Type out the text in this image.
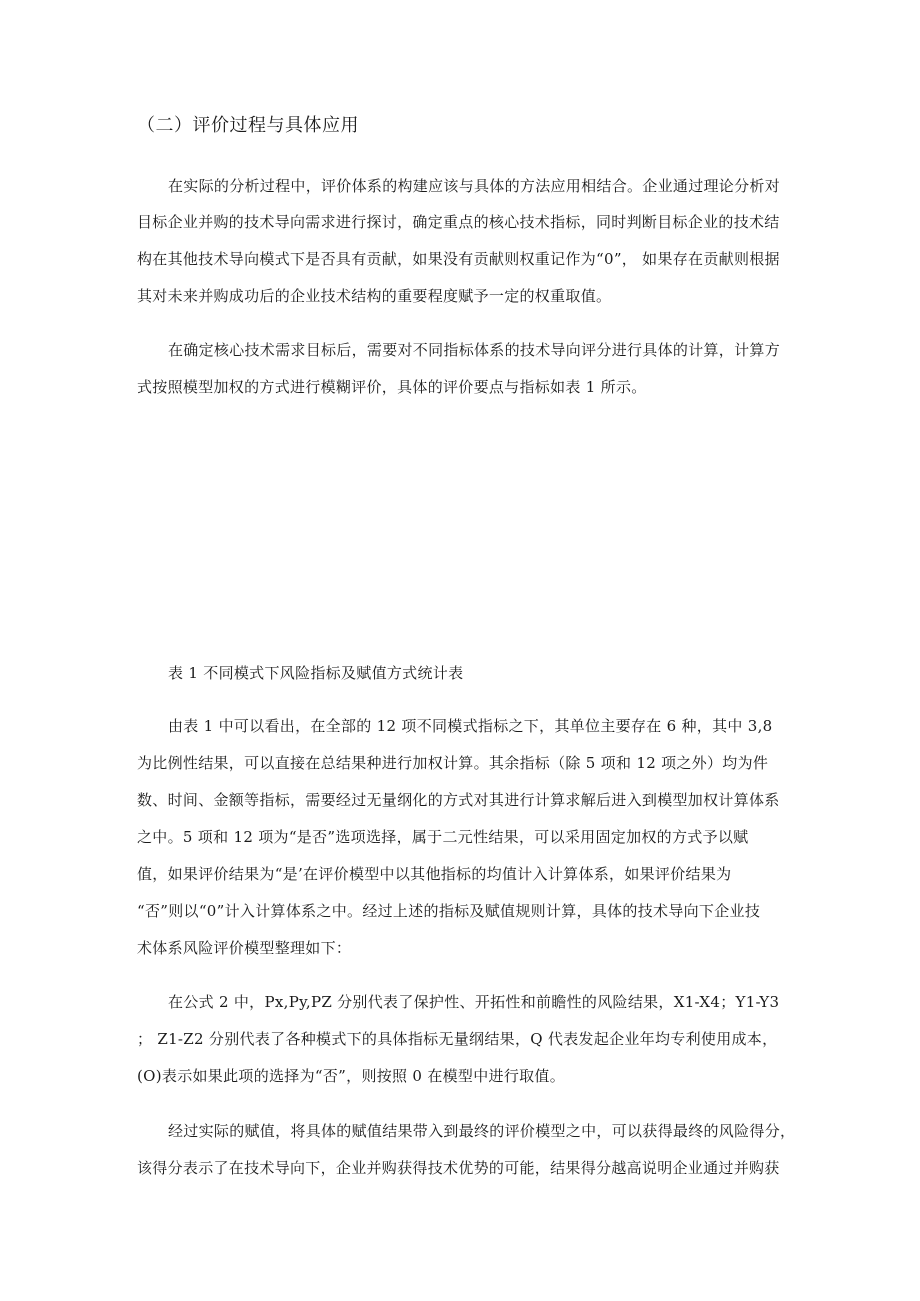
（二）评价过程与具体应用
在实际的分析过程中，评价体系的构建应该与具体的方法应用相结合。企业通过理论分析对
目标企业并购的技术导向需求进行探讨，确定重点的核心技术指标，同时判断目标企业的技术结
构在其他技术导向模式下是否具有贡献，如果没有贡献则权重记作为“0”， 如果存在贡献则根据
其对未来并购成功后的企业技术结构的重要程度赋予一定的权重取值。
在确定核心技术需求目标后，需要对不同指标体系的技术导向评分进行具体的计算，计算方
式按照模型加权的方式进行模糊评价，具体的评价要点与指标如表 1 所示。
表 1 不同模式下风险指标及赋值方式统计表
由表 1 中可以看出，在全部的 12 项不同模式指标之下，其单位主要存在 6 种，其中 3,8
为比例性结果，可以直接在总结果种进行加权计算。其余指标（除 5 项和 12 项之外）均为件
数、时间、金额等指标，需要经过无量纲化的方式对其进行计算求解后进入到模型加权计算体系
之中。5 项和 12 项为“是否”选项选择，属于二元性结果，可以采用固定加权的方式予以赋
值，如果评价结果为“是’在评价模型中以其他指标的均值计入计算体系，如果评价结果为
“否”则以“0”计入计算体系之中。经过上述的指标及赋值规则计算，具体的技术导向下企业技
术体系风险评价模型整理如下：
在公式 2 中，Px,Py,PZ 分别代表了保护性、开拓性和前瞻性的风险结果，X1-X4；Y1-Y3
； Z1-Z2 分别代表了各种模式下的具体指标无量纲结果，Q 代表发起企业年均专利使用成本，
(O)表示如果此项的选择为“否”，则按照 0 在模型中进行取值。
经过实际的赋值，将具体的赋值结果带入到最终的评价模型之中，可以获得最终的风险得分，
该得分表示了在技术导向下，企业并购获得技术优势的可能，结果得分越高说明企业通过并购获
